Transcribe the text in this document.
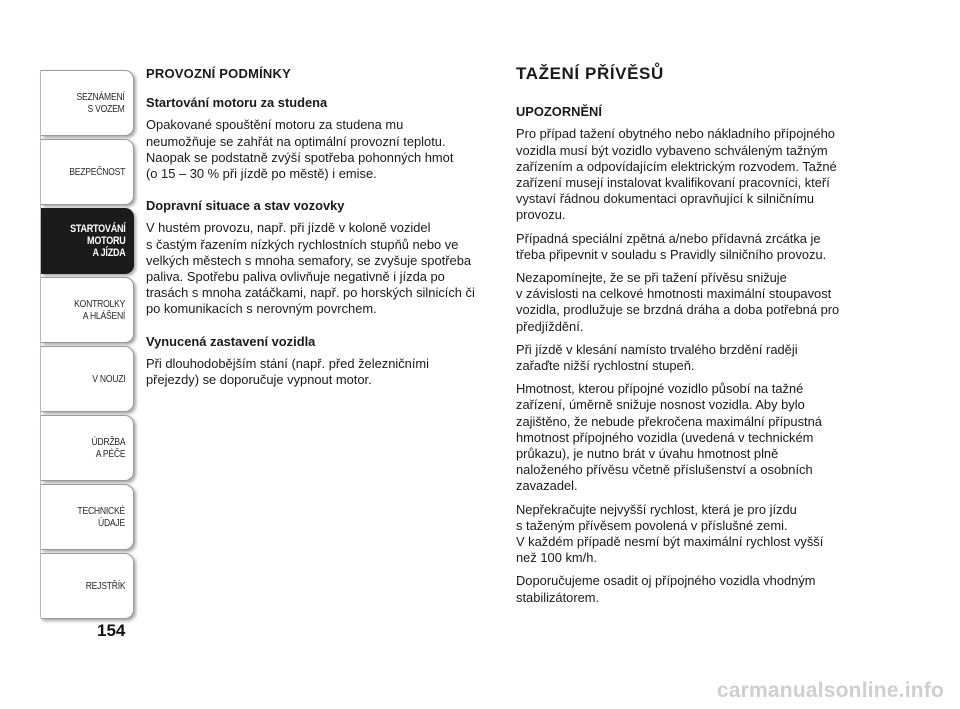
SEZNÁMENÍ
S VOZEM
BEZPEČNOST
STARTOVÁNÍ
MOTORU
A JÍZDA
KONTROLKY
A HLÁŠENÍ
V NOUZI
ÚDRŽBA
A PÉČE
TECHNICKÉ
ÚDAJE
REJSTŘÍK
154
PROVOZNÍ PODMÍNKY
Startování motoru za studena

Opakované spouštění motoru za studena mu
neumožňuje se zahřát na optimální provozní teplotu.
Naopak se podstatně zvýší spotřeba pohonných hmot
(o 15 – 30 % při jízdě po městě) i emise.

Dopravní situace a stav vozovky

V hustém provozu, např. při jízdě v koloně vozidel
s častým řazením nízkých rychlostních stupňů nebo ve
velkých městech s mnoha semafory, se zvyšuje spotřeba
paliva. Spotřebu paliva ovlivňuje negativně i jízda po
trasách s mnoha zatáčkami, např. po horských silnicích či
po komunikacích s nerovným povrchem.

Vynucená zastavení vozidla

Při dlouhodobějším stání (např. před železničními
přejezdy) se doporučuje vypnout motor.

TAŽENÍ PŘÍVĚSŮ
UPOZORNĚNÍ

Pro případ tažení obytného nebo nákladního přípojného
vozidla musí být vozidlo vybaveno schváleným tažným
zařízením a odpovídajícím elektrickým rozvodem. Tažné
zařízení musejí instalovat kvalifikovaní pracovníci, kteří
vystaví řádnou dokumentaci opravňující k silničnímu
provozu.

Případná speciální zpětná a/nebo přídavná zrcátka je
třeba připevnit v souladu s Pravidly silničního provozu.

Nezapomínejte, že se při tažení přívěsu snižuje
v závislosti na celkové hmotnosti maximální stoupavost
vozidla, prodlužuje se brzdná dráha a doba potřebná pro
předjíždění.

Při jízdě v klesání namísto trvalého brzdění raději
zařaďte nižší rychlostní stupeň.

Hmotnost, kterou přípojné vozidlo působí na tažné
zařízení, úměrně snižuje nosnost vozidla. Aby bylo
zajištěno, že nebude překročena maximální přípustná
hmotnost přípojného vozidla (uvedená v technickém
průkazu), je nutno brát v úvahu hmotnost plně
naloženého přívěsu včetně příslušenství a osobních
zavazadel.

Nepřekračujte nejvyšší rychlost, která je pro jízdu
s taženým přívěsem povolená v příslušné zemi.
V každém případě nesmí být maximální rychlost vyšší
než 100 km/h.

Doporučujeme osadit oj přípojného vozidla vhodným
stabilizátorem.

carmanualsonline.info
